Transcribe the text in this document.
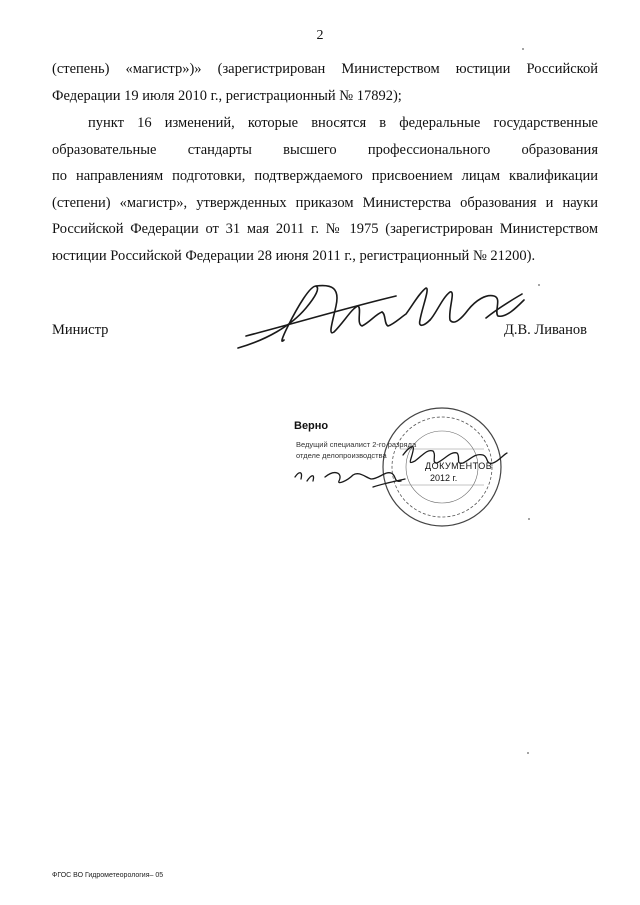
2
(степень) «магистр»)» (зарегистрирован Министерством юстиции Российской
Федерации 19 июля 2010 г., регистрационный № 17892);
пункт 16 изменений, которые вносятся в федеральные государственные
образовательные стандарты высшего профессионального образования
по направлениям подготовки, подтверждаемого присвоением лицам квалификации
(степени) «магистр», утвержденных приказом Министерства образования и науки
Российской Федерации от 31 мая 2011 г. № 1975 (зарегистрирован Министерством
юстиции Российской Федерации 28 июня 2011 г., регистрационный № 21200).
Министр	Д.В. Ливанов
Верно
Ведущий специалист 2-го разряда
отделе делопроизводства
ДОКУМЕНТОВ
2012 г.
ФГОС ВО Гидрометеорология– 05
